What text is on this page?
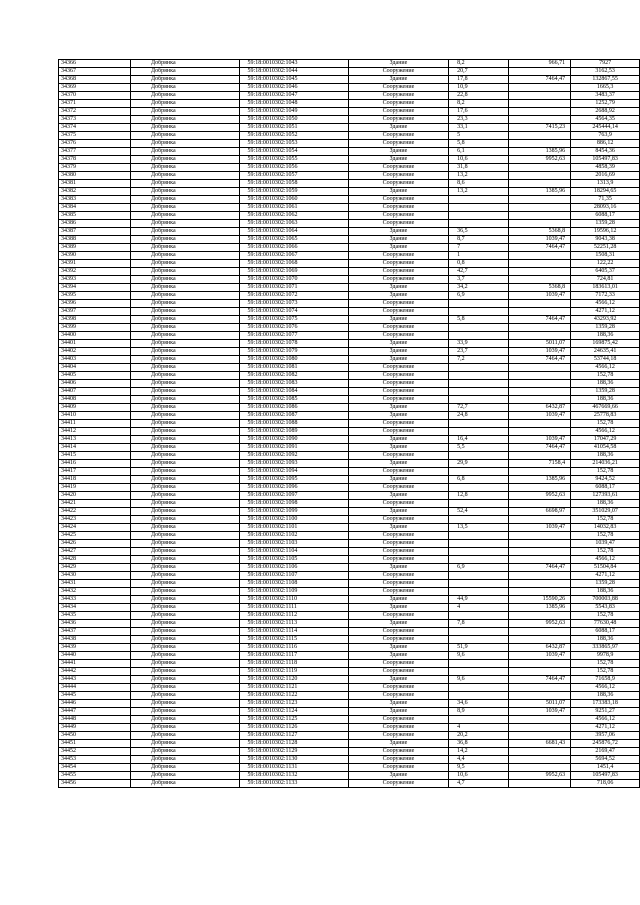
34366	Добрянка	59:18:0010302:1043	Здание	8,2	966,71	7927
34367	Добрянка	59:18:0010302:1044	Сооружение	20,7		3162,53
34368	Добрянка	59:18:0010302:1045	Здание	17,8	7464,47	132867,55
34369	Добрянка	59:18:0010302:1046	Сооружение	10,9		1665,3
34370	Добрянка	59:18:0010302:1047	Сооружение	22,8		3483,37
34371	Добрянка	59:18:0010302:1048	Сооружение	8,2		1252,79
34372	Добрянка	59:18:0010302:1049	Сооружение	17,6		2688,92
34373	Добрянка	59:18:0010302:1050	Сооружение	23,3		4564,35
34374	Добрянка	59:18:0010302:1051	Здание	33,1	7415,23	245444,14
34375	Добрянка	59:18:0010302:1052	Сооружение	5		763,9
34376	Добрянка	59:18:0010302:1053	Сооружение	5,8		886,12
34377	Добрянка	59:18:0010302:1054	Здание	6,1	1385,96	8454,36
34378	Добрянка	59:18:0010302:1055	Здание	10,6	9952,63	105497,83
34379	Добрянка	59:18:0010302:1056	Сооружение	31,8		4858,39
34380	Добрянка	59:18:0010302:1057	Сооружение	13,2		2016,69
34381	Добрянка	59:18:0010302:1058	Сооружение	8,6		1313,9
34382	Добрянка	59:18:0010302:1059	Здание	13,2	1385,96	18294,65
34383	Добрянка	59:18:0010302:1060	Сооружение			71,35
34384	Добрянка	59:18:0010302:1061	Сооружение			28093,16
34385	Добрянка	59:18:0010302:1062	Сооружение			6088,17
34386	Добрянка	59:18:0010302:1063	Сооружение			1359,28
34387	Добрянка	59:18:0010302:1064	Здание	36,5	5368,8	19596,12
34388	Добрянка	59:18:0010302:1065	Здание	8,7	1039,47	9043,38
34389	Добрянка	59:18:0010302:1066	Здание	7	7464,47	52251,28
34390	Добрянка	59:18:0010302:1067	Сооружение	1		1508,31
34391	Добрянка	59:18:0010302:1068	Сооружение	0,8		122,22
34392	Добрянка	59:18:0010302:1069	Сооружение	42,7		6405,37
34393	Добрянка	59:18:0010302:1070	Сооружение	3,7		724,81
34394	Добрянка	59:18:0010302:1071	Здание	34,2	5368,8	183613,01
34395	Добрянка	59:18:0010302:1072	Здание	6,9	1039,47	7172,33
34396	Добрянка	59:18:0010302:1073	Сооружение			4566,12
34397	Добрянка	59:18:0010302:1074	Сооружение			4271,12
34398	Добрянка	59:18:0010302:1075	Здание	5,8	7464,47	43293,92
34399	Добрянка	59:18:0010302:1076	Сооружение			1359,28
34400	Добрянка	59:18:0010302:1077	Сооружение			188,36
34401	Добрянка	59:18:0010302:1078	Здание	33,9	5011,07	169875,42
34402	Добрянка	59:18:0010302:1079	Здание	23,7	1039,47	24635,41
34403	Добрянка	59:18:0010302:1080	Здание	7,2	7464,47	53744,18
34404	Добрянка	59:18:0010302:1081	Сооружение			4566,12
34405	Добрянка	59:18:0010302:1082	Сооружение			152,78
34406	Добрянка	59:18:0010302:1083	Сооружение			188,36
34407	Добрянка	59:18:0010302:1084	Сооружение			1359,28
34408	Добрянка	59:18:0010302:1085	Сооружение			188,36
34409	Добрянка	59:18:0010302:1086	Здание	72,7	6432,87	467669,66
34410	Добрянка	59:18:0010302:1087	Здание	24,8	1039,47	25778,83
34411	Добрянка	59:18:0010302:1088	Сооружение			152,78
34412	Добрянка	59:18:0010302:1089	Сооружение			4566,12
34413	Добрянка	59:18:0010302:1090	Здание	16,4	1039,47	17047,29
34414	Добрянка	59:18:0010302:1091	Здание	5,5	7464,47	41054,58
34415	Добрянка	59:18:0010302:1092	Сооружение			188,36
34416	Добрянка	59:18:0010302:1093	Здание	29,9	7158,4	214036,21
34417	Добрянка	59:18:0010302:1094	Сооружение			152,78
34418	Добрянка	59:18:0010302:1095	Здание	6,8	1385,96	9424,52
34419	Добрянка	59:18:0010302:1096	Сооружение			6088,17
34420	Добрянка	59:18:0010302:1097	Здание	12,8	9952,63	127393,61
34421	Добрянка	59:18:0010302:1098	Сооружение			188,36
34422	Добрянка	59:18:0010302:1099	Здание	52,4	6698,97	351029,07
34423	Добрянка	59:18:0010302:1100	Сооружение			152,78
34424	Добрянка	59:18:0010302:1101	Здание	13,5	1039,47	14032,83
34425	Добрянка	59:18:0010302:1102	Сооружение			152,78
34426	Добрянка	59:18:0010302:1103	Сооружение			1039,47
34427	Добрянка	59:18:0010302:1104	Сооружение			152,78
34428	Добрянка	59:18:0010302:1105	Сооружение			4566,12
34429	Добрянка	59:18:0010302:1106	Здание	6,9	7464,47	51504,84
34430	Добрянка	59:18:0010302:1107	Сооружение			4271,12
34431	Добрянка	59:18:0010302:1108	Сооружение			1359,28
34432	Добрянка	59:18:0010302:1109	Сооружение			188,36
34433	Добрянка	59:18:0010302:1110	Здание	44,9	15590,26	700003,88
34434	Добрянка	59:18:0010302:1111	Здание	4	1385,96	5543,83
34435	Добрянка	59:18:0010302:1112	Сооружение			152,78
34436	Добрянка	59:18:0010302:1113	Здание	7,8	9952,63	77630,48
34437	Добрянка	59:18:0010302:1114	Сооружение			6088,17
34438	Добрянка	59:18:0010302:1115	Сооружение			188,36
34439	Добрянка	59:18:0010302:1116	Здание	51,9	6432,87	333865,97
34440	Добрянка	59:18:0010302:1117	Здание	9,6	1039,47	9978,9
34441	Добрянка	59:18:0010302:1118	Сооружение			152,78
34442	Добрянка	59:18:0010302:1119	Сооружение			152,78
34443	Добрянка	59:18:0010302:1120	Здание	9,6	7464,47	71658,9
34444	Добрянка	59:18:0010302:1121	Сооружение			4566,12
34445	Добрянка	59:18:0010302:1122	Сооружение			188,36
34446	Добрянка	59:18:0010302:1123	Здание	34,6	5011,07	173383,18
34447	Добрянка	59:18:0010302:1124	Здание	8,9	1039,47	9251,27
34448	Добрянка	59:18:0010302:1125	Сооружение			4566,12
34449	Добрянка	59:18:0010302:1126	Сооружение	4		4271,12
34450	Добрянка	59:18:0010302:1127	Сооружение	20,2		3957,06
34451	Добрянка	59:18:0010302:1128	Здание	36,8	6681,43	245876,72
34452	Добрянка	59:18:0010302:1129	Сооружение	14,2		2169,47
34453	Добрянка	59:18:0010302:1130	Сооружение	4,4		5694,52
34454	Добрянка	59:18:0010302:1131	Сооружение	9,5		1451,4
34455	Добрянка	59:18:0010302:1132	Здание	10,6	9952,63	105497,83
34456	Добрянка	59:18:0010302:1133	Сооружение	4,7		718,06
